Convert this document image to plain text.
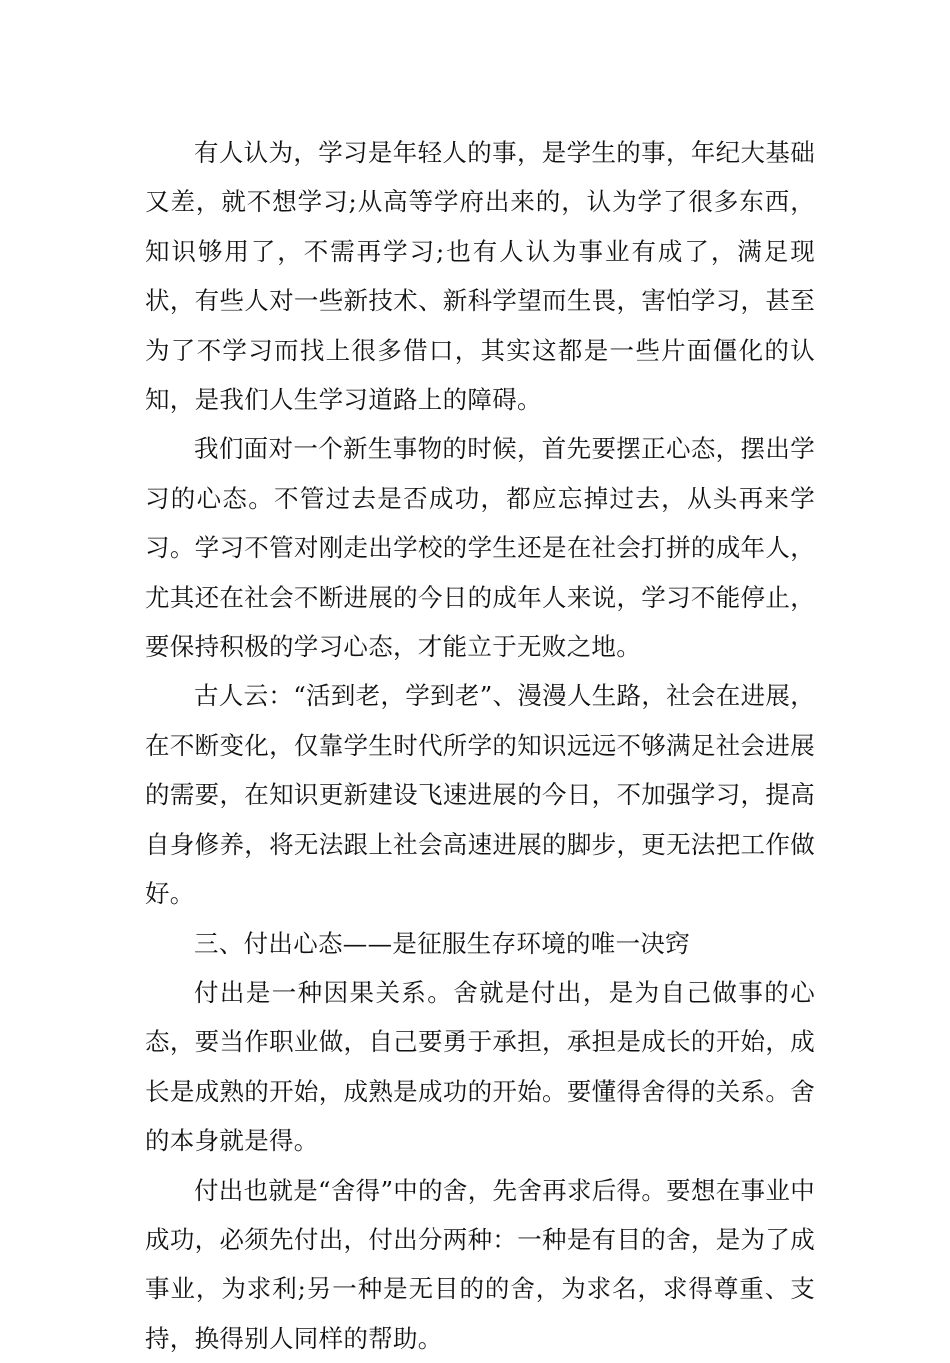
有人认为，学习是年轻人的事，是学生的事，年纪大基础又差，就不想学习;从高等学府出来的，认为学了很多东西，知识够用了，不需再学习;也有人认为事业有成了，满足现状，有些人对一些新技术、新科学望而生畏，害怕学习，甚至为了不学习而找上很多借口，其实这都是一些片面僵化的认知，是我们人生学习道路上的障碍。

我们面对一个新生事物的时候，首先要摆正心态，摆出学习的心态。不管过去是否成功，都应忘掉过去，从头再来学习。学习不管对刚走出学校的学生还是在社会打拼的成年人，尤其还在社会不断进展的今日的成年人来说，学习不能停止，要保持积极的学习心态，才能立于无败之地。

古人云：“活到老，学到老”、漫漫人生路，社会在进展，在不断变化，仅靠学生时代所学的知识远远不够满足社会进展的需要，在知识更新建设飞速进展的今日，不加强学习，提高自身修养，将无法跟上社会高速进展的脚步，更无法把工作做好。

三、付出心态——是征服生存环境的唯一决窍

付出是一种因果关系。舍就是付出，是为自己做事的心态，要当作职业做，自己要勇于承担，承担是成长的开始，成长是成熟的开始，成熟是成功的开始。要懂得舍得的关系。舍的本身就是得。

付出也就是“舍得”中的舍，先舍再求后得。要想在事业中成功，必须先付出，付出分两种：一种是有目的舍，是为了成事业，为求利;另一种是无目的的舍，为求名，求得尊重、支持，换得别人同样的帮助。
